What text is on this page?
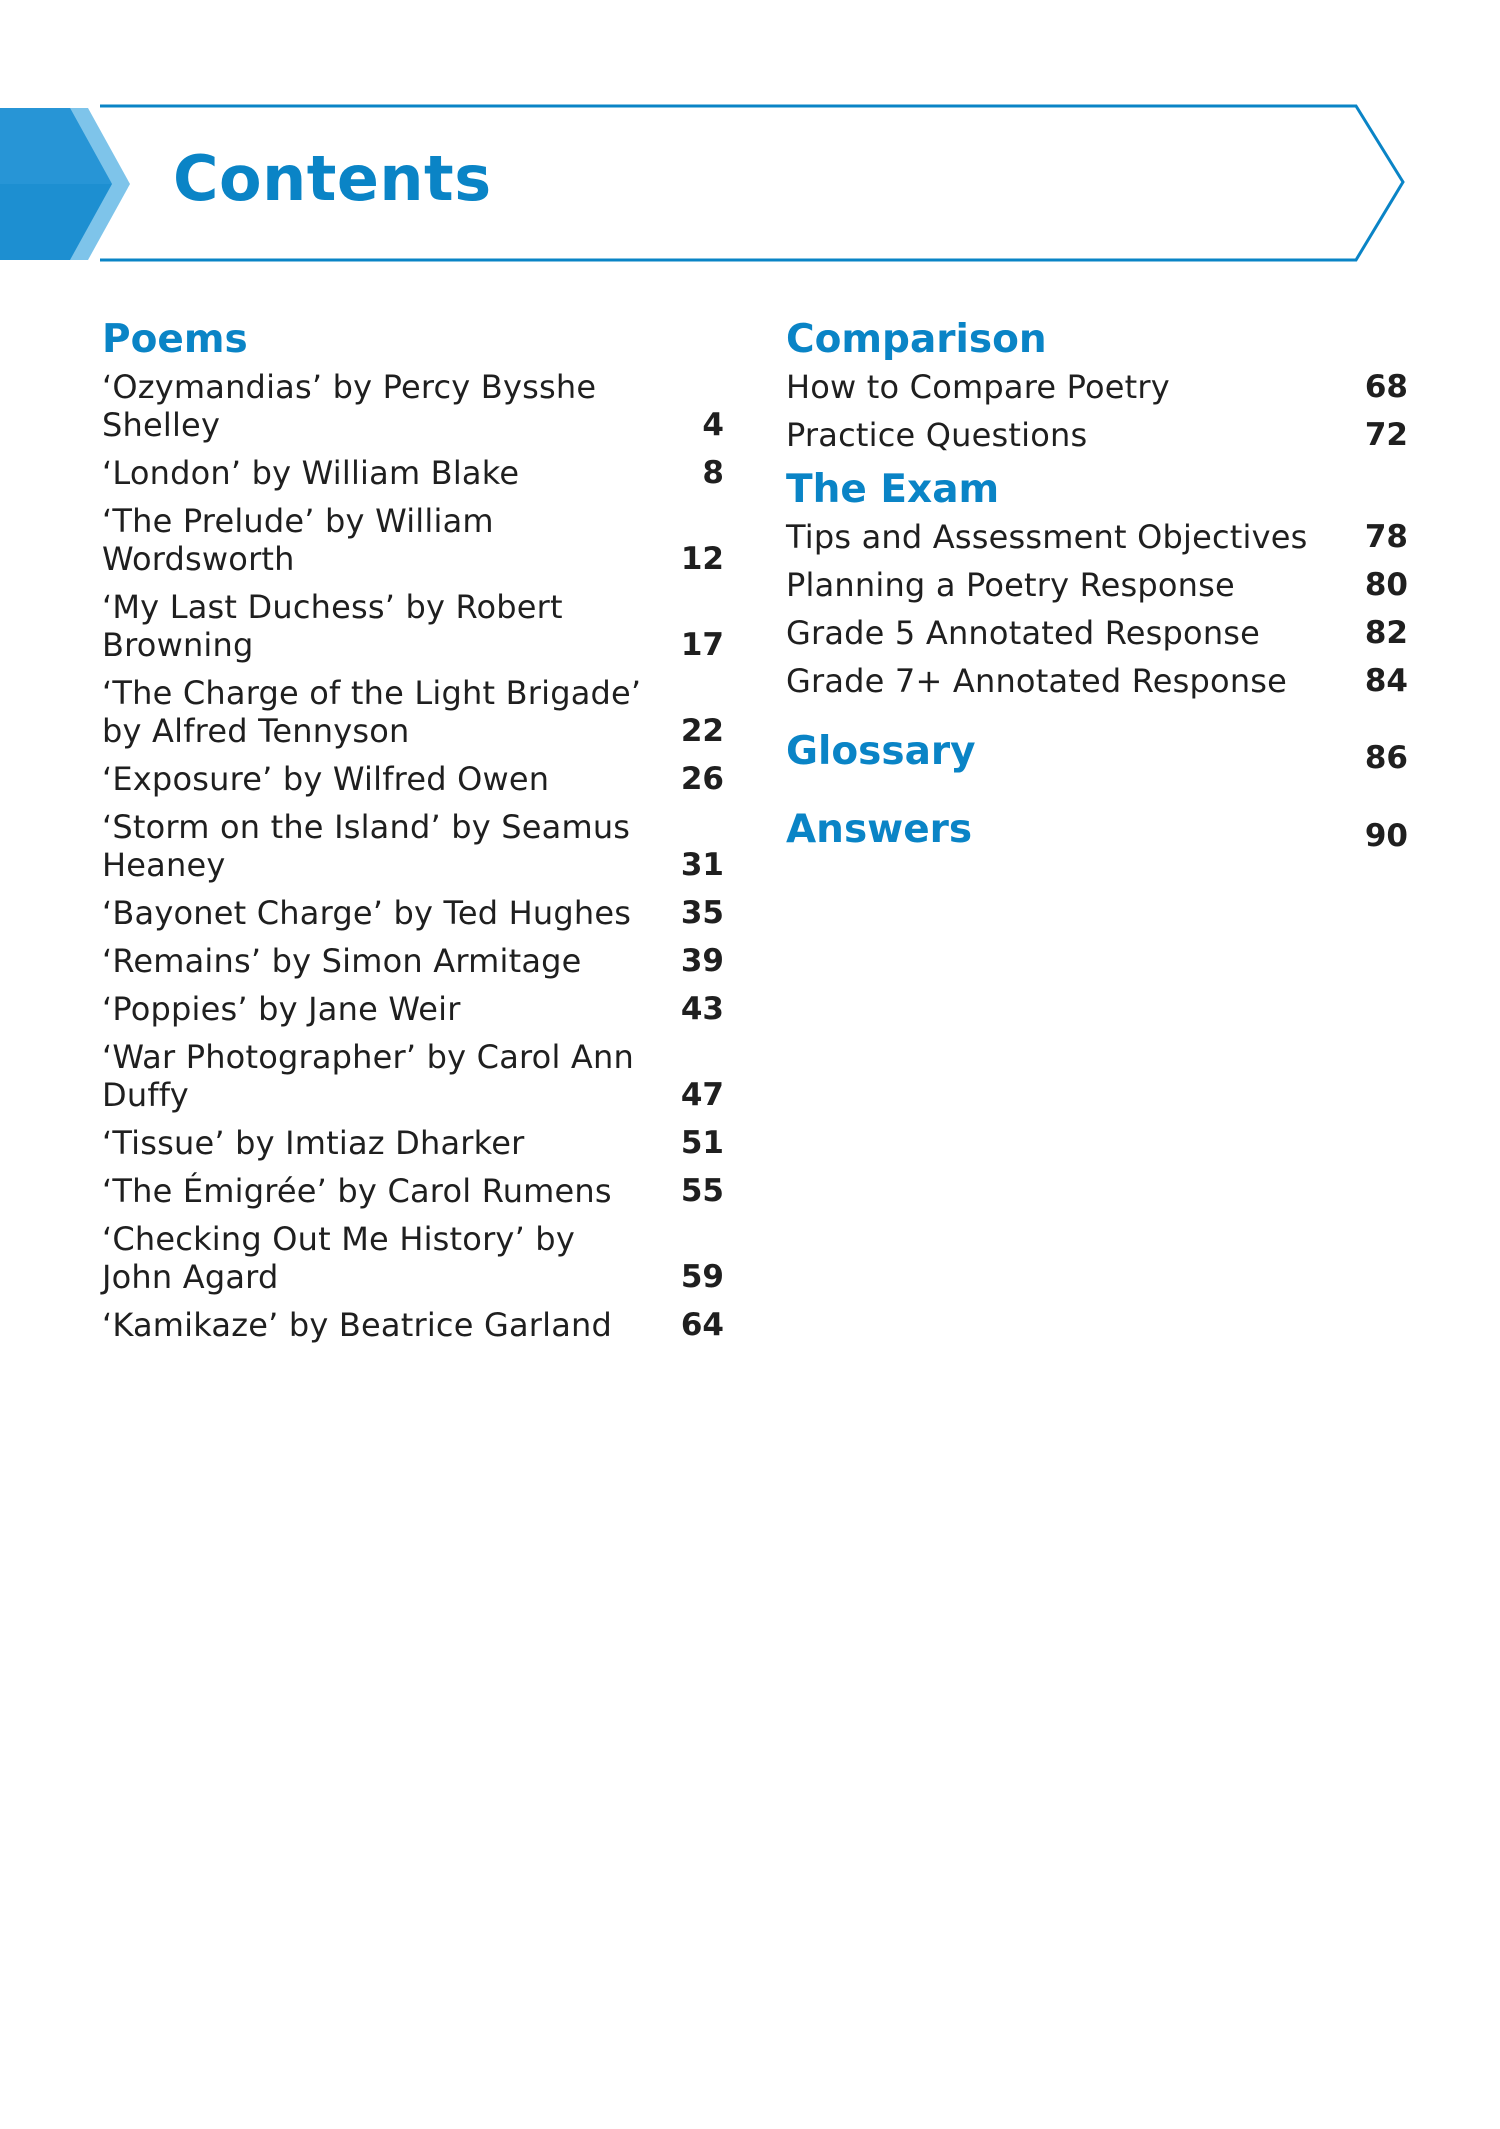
Contents
Poems
‘Ozymandias’ by Percy Bysshe Shelley	4
‘London’ by William Blake	8
‘The Prelude’ by William Wordsworth	12
‘My Last Duchess’ by Robert Browning	17
‘The Charge of the Light Brigade’ by Alfred Tennyson	22
‘Exposure’ by Wilfred Owen	26
‘Storm on the Island’ by Seamus Heaney	31
‘Bayonet Charge’ by Ted Hughes 35
‘Remains’ by Simon Armitage	39
‘Poppies’ by Jane Weir	43
‘War Photographer’ by Carol Ann Duffy	47
‘Tissue’ by Imtiaz Dharker	51
‘The Émigrée’ by Carol Rumens 55
‘Checking Out Me History’ by John Agard	59
‘Kamikaze’ by Beatrice Garland 64
Comparison
How to Compare Poetry	68
Practice Questions	72
The Exam
Tips and Assessment Objectives 78
Planning a Poetry Response	80
Grade 5 Annotated Response	82
Grade 7+ Annotated Response	84
Glossary	86
Answers	90
